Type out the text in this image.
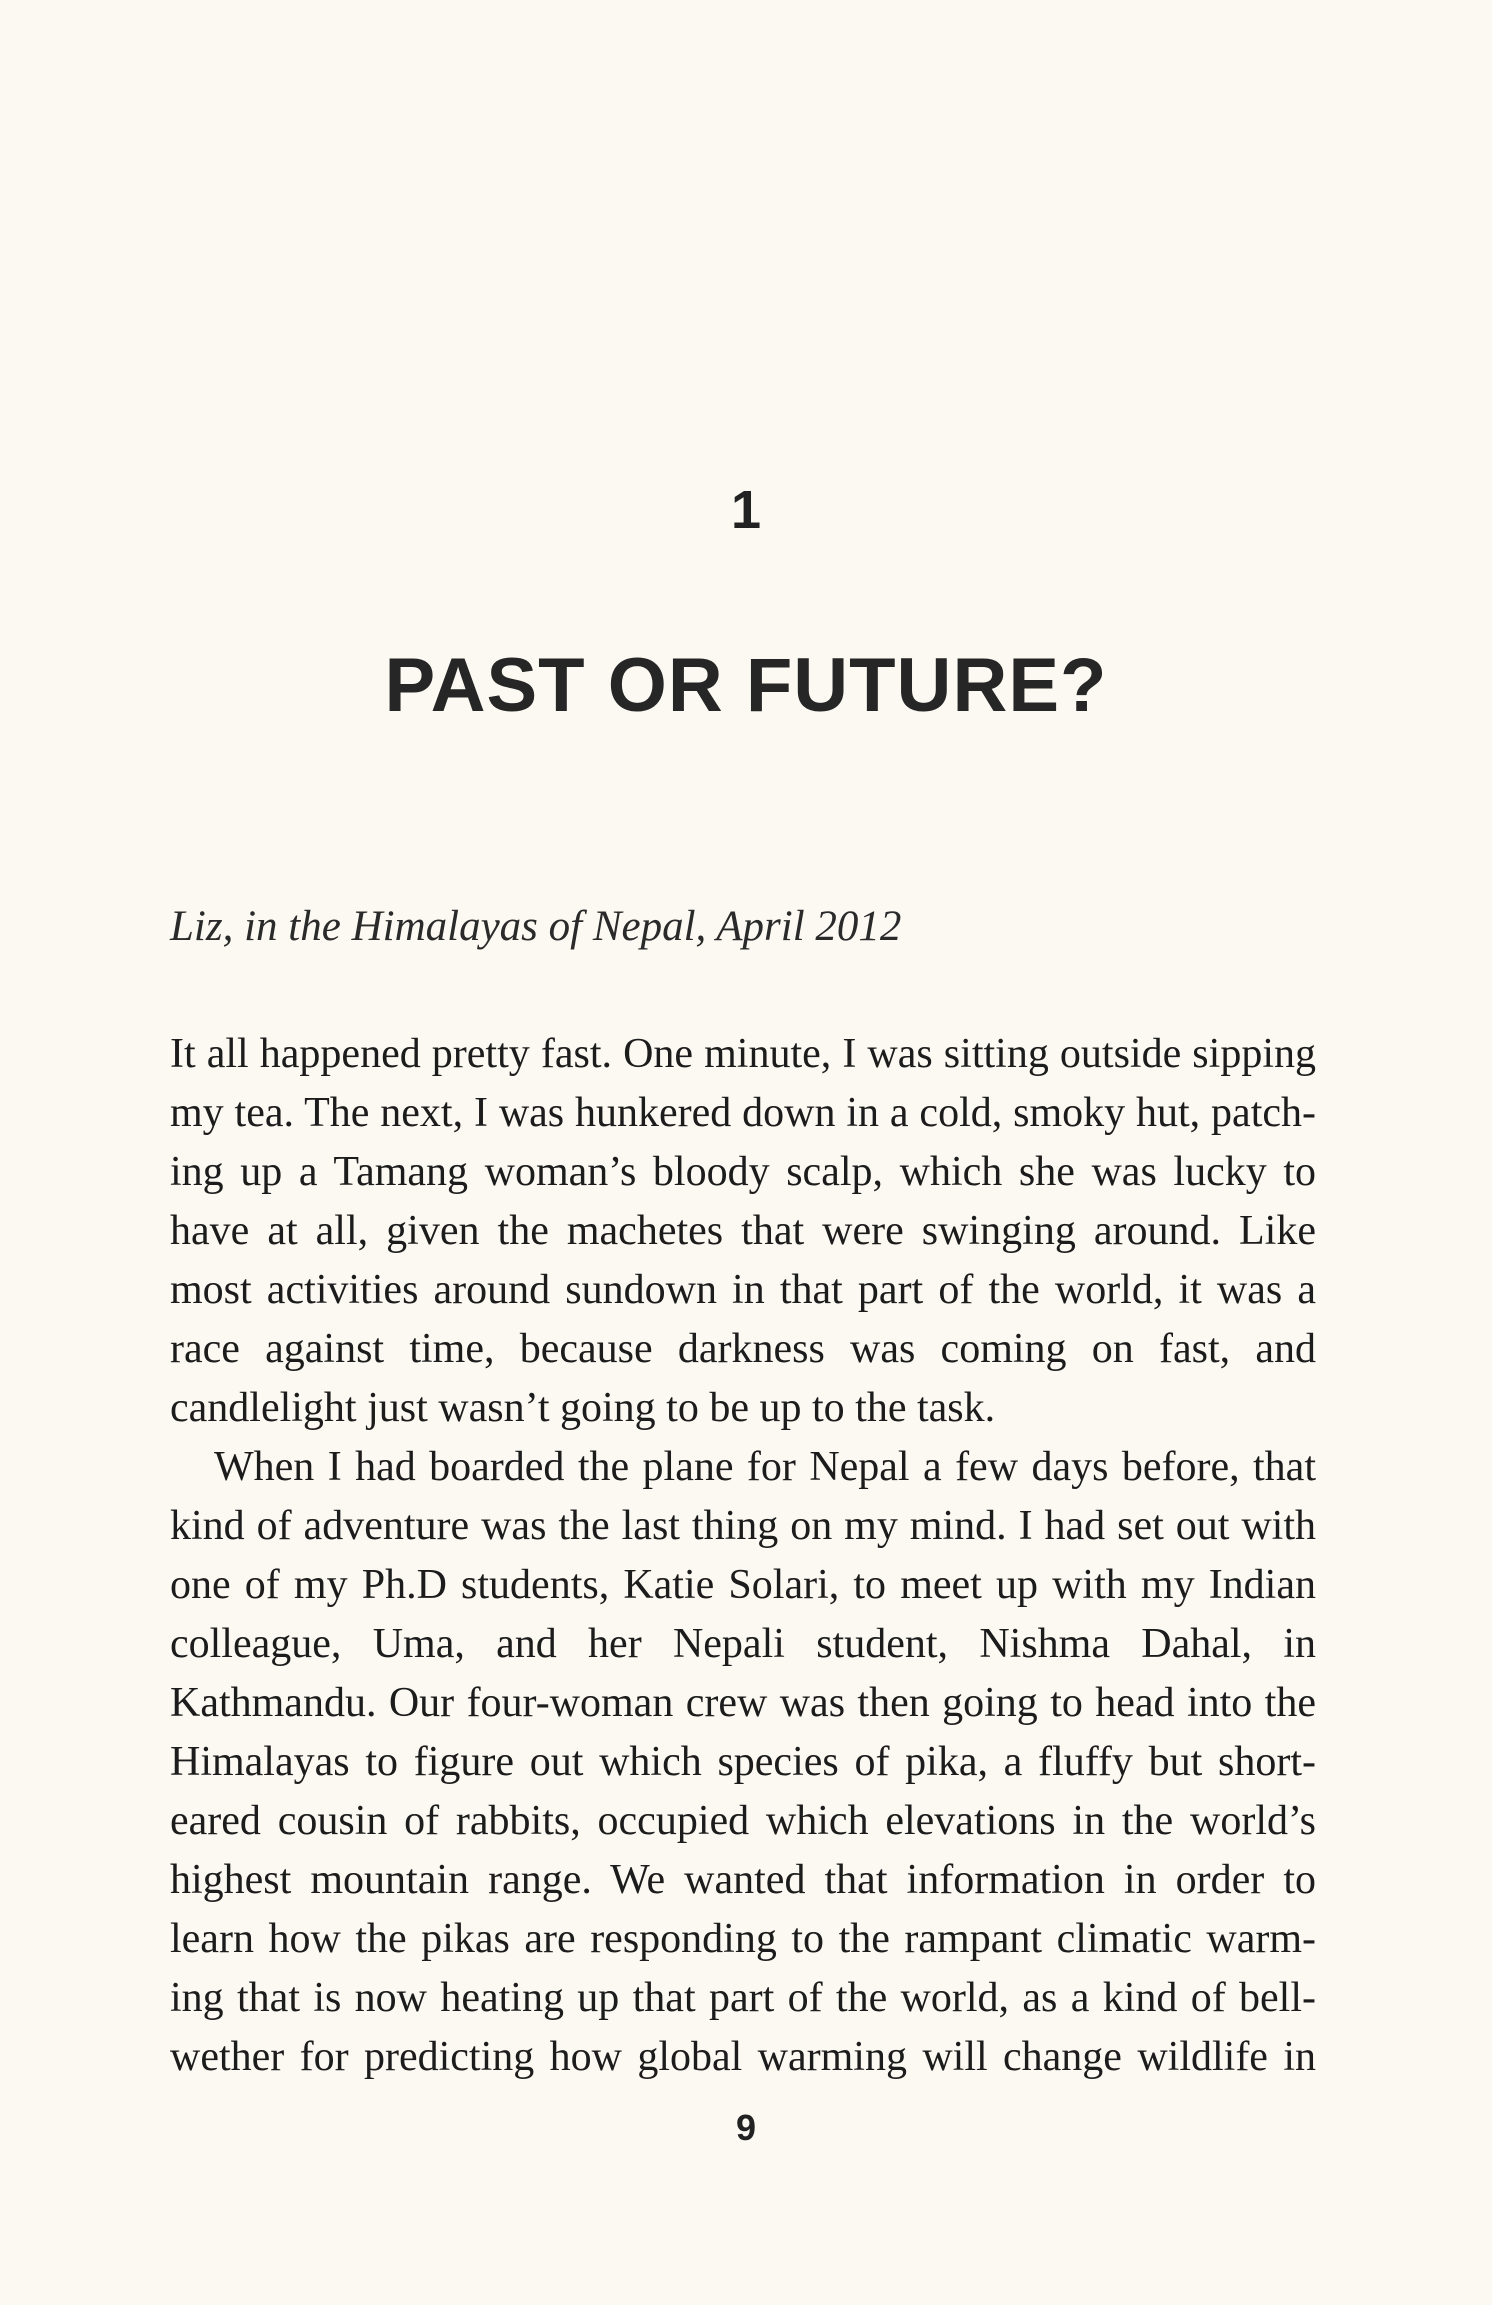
1
PAST OR FUTURE?
Liz, in the Himalayas of Nepal, April 2012
It all happened pretty fast. One minute, I was sitting outside sipping
my tea. The next, I was hunkered down in a cold, smoky hut, patch-
ing up a Tamang woman’s bloody scalp, which she was lucky to
have at all, given the machetes that were swinging around. Like
most activities around sundown in that part of the world, it was a
race against time, because darkness was coming on fast, and
candlelight just wasn’t going to be up to the task.
When I had boarded the plane for Nepal a few days before, that
kind of adventure was the last thing on my mind. I had set out with
one of my Ph.D students, Katie Solari, to meet up with my Indian
colleague, Uma, and her Nepali student, Nishma Dahal, in
Kathmandu. Our four-woman crew was then going to head into the
Himalayas to figure out which species of pika, a fluffy but short-
eared cousin of rabbits, occupied which elevations in the world’s
highest mountain range. We wanted that information in order to
learn how the pikas are responding to the rampant climatic warm-
ing that is now heating up that part of the world, as a kind of bell-
wether for predicting how global warming will change wildlife in
9
